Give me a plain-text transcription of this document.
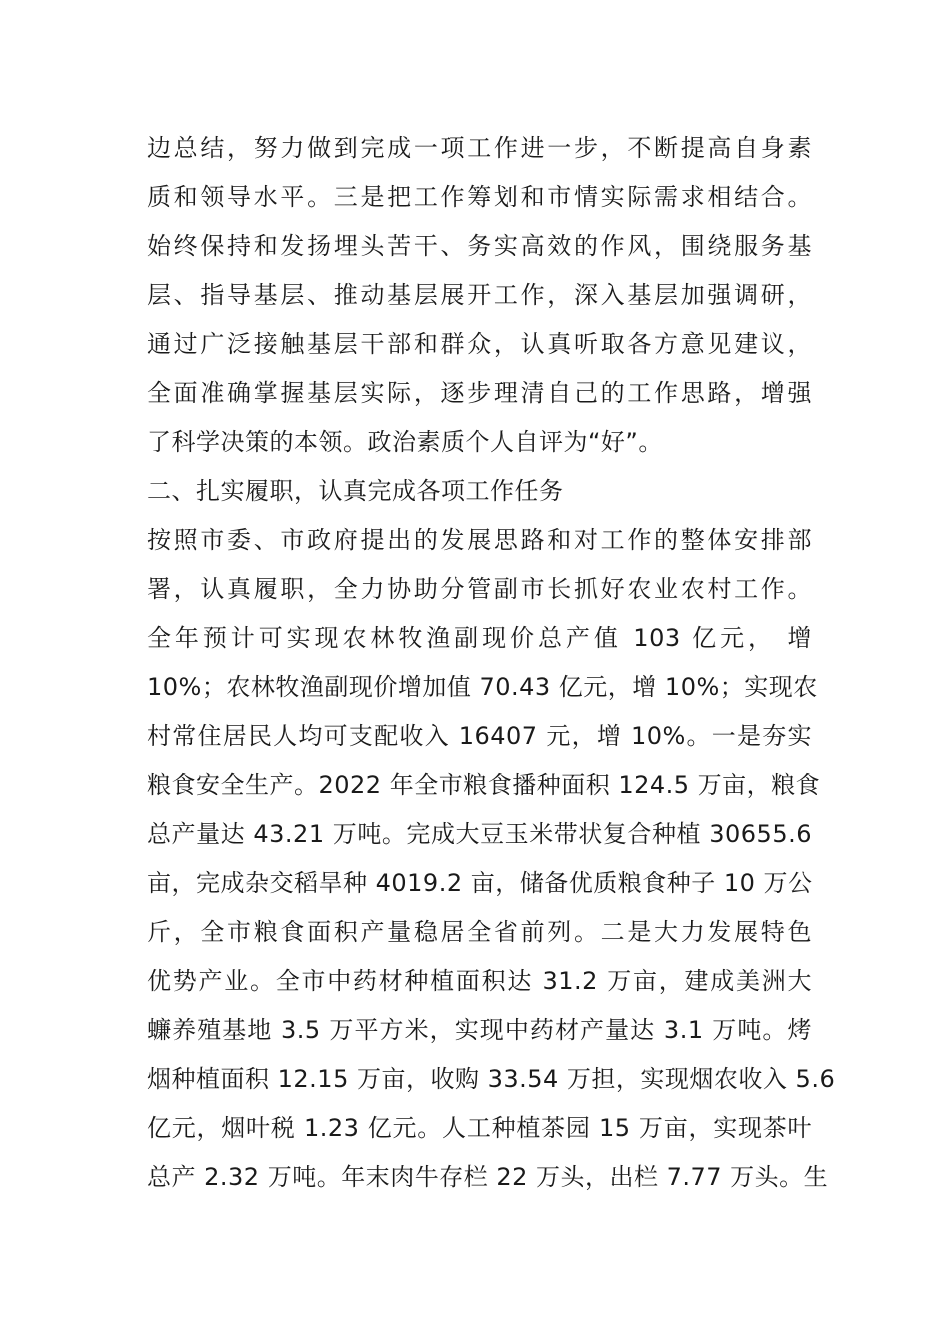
边总结，努力做到完成一项工作进一步，不断提高自身素
质和领导水平。三是把工作筹划和市情实际需求相结合。
始终保持和发扬埋头苦干、务实高效的作风，围绕服务基
层、指导基层、推动基层展开工作，深入基层加强调研，
通过广泛接触基层干部和群众，认真听取各方意见建议，
全面准确掌握基层实际，逐步理清自己的工作思路，增强
了科学决策的本领。政治素质个人自评为“好”。
二、扎实履职，认真完成各项工作任务
按照市委、市政府提出的发展思路和对工作的整体安排部
署，认真履职，全力协助分管副市长抓好农业农村工作。
全年预计可实现农林牧渔副现价总产值 103 亿元， 增
10%；农林牧渔副现价增加值 70.43 亿元，增 10%；实现农
村常住居民人均可支配收入 16407 元，增 10%。一是夯实
粮食安全生产。2022 年全市粮食播种面积 124.5 万亩，粮食
总产量达 43.21 万吨。完成大豆玉米带状复合种植 30655.6
亩，完成杂交稻旱种 4019.2 亩，储备优质粮食种子 10 万公
斤，全市粮食面积产量稳居全省前列。二是大力发展特色
优势产业。全市中药材种植面积达 31.2 万亩，建成美洲大
蠊养殖基地 3.5 万平方米，实现中药材产量达 3.1 万吨。烤
烟种植面积 12.15 万亩，收购 33.54 万担，实现烟农收入 5.6
亿元，烟叶税 1.23 亿元。人工种植茶园 15 万亩，实现茶叶
总产 2.32 万吨。年末肉牛存栏 22 万头，出栏 7.77 万头。生
